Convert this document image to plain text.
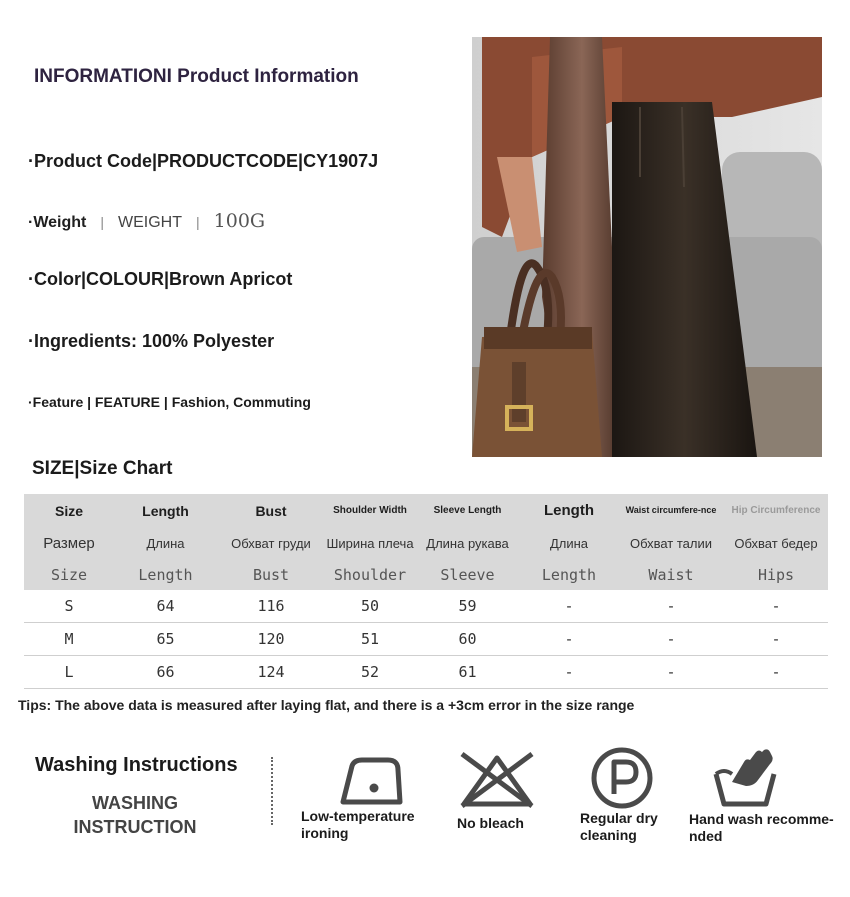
INFORMATIONI Product Information
·Product Code|PRODUCTCODE|CY1907J
·Weight | WEIGHT | 100G
·Color|COLOUR|Brown Apricot
·Ingredients: 100% Polyester
·Feature | FEATURE | Fashion, Commuting
SIZE|Size Chart
Size	Length	Bust	Shoulder Width	Sleeve Length	Length	Waist circumfere-nce	Hip Circumference
Размер	Длина	Обхват груди	Ширина плеча	Длина рукава	Длина	Обхват талии	Обхват бедер
Size	Length	Bust	Shoulder	Sleeve	Length	Waist	Hips
S	64	116	50	59	-	-	-
M	65	120	51	60	-	-	-
L	66	124	52	61	-	-	-
Tips: The above data is measured after laying flat, and there is a +3cm error in the size range
Washing Instructions
WASHING
INSTRUCTION
Low-temperature
ironing
No bleach	Regular dry
cleaning
Hand wash recomme-
nded
